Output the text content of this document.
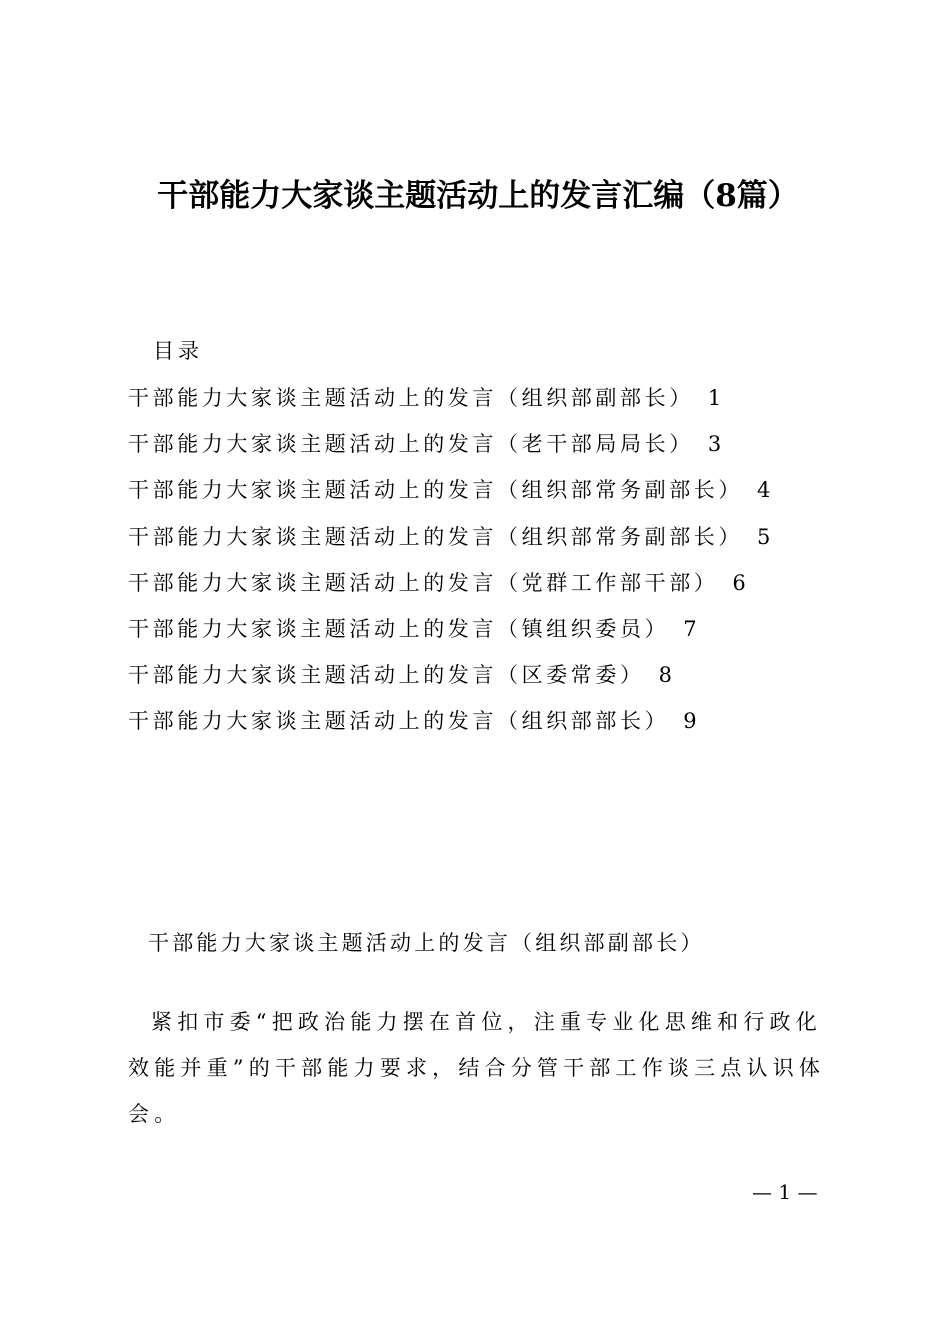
干部能力大家谈主题活动上的发言汇编（8篇）
目录
干部能力大家谈主题活动上的发言（组织部副部长） 1
干部能力大家谈主题活动上的发言（老干部局局长） 3
干部能力大家谈主题活动上的发言（组织部常务副部长） 4
干部能力大家谈主题活动上的发言（组织部常务副部长） 5
干部能力大家谈主题活动上的发言（党群工作部干部） 6
干部能力大家谈主题活动上的发言（镇组织委员） 7
干部能力大家谈主题活动上的发言（区委常委） 8
干部能力大家谈主题活动上的发言（组织部部长） 9
干部能力大家谈主题活动上的发言（组织部副部长）

紧扣市委“把政治能力摆在首位，注重专业化思维和行政化效能并重”的干部能力要求，结合分管干部工作谈三点认识体会。

— 1 —
